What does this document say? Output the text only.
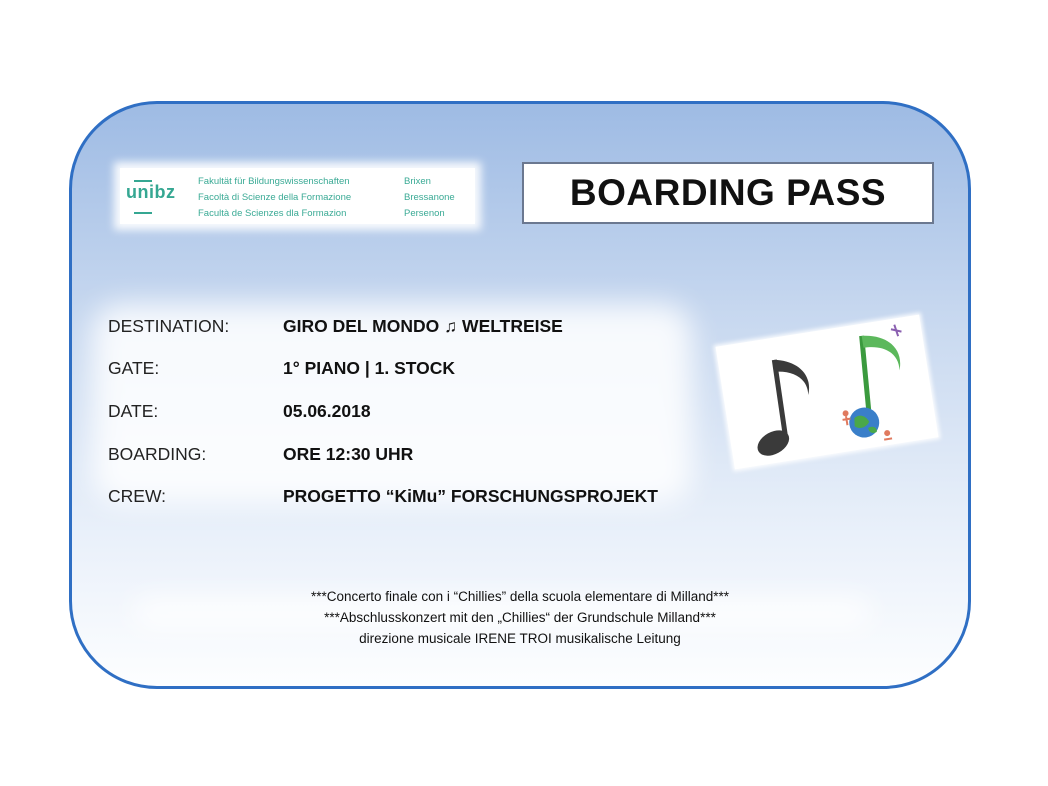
unibz
Fakultät für Bildungswissenschaften
Facoltà di Scienze della Formazione
Facultà de Scienzes dla Formazion
Brixen
Bressanone
Persenon
BOARDING PASS
DESTINATION:	GIRO DEL MONDO ♫ WELTREISE
GATE:	1° PIANO | 1. STOCK
DATE:	05.06.2018
BOARDING:	ORE 12:30 UHR
CREW:	PROGETTO “KiMu” FORSCHUNGSPROJEKT
***Concerto finale con i “Chillies” della scuola elementare di Milland***
***Abschlusskonzert mit den „Chillies“ der Grundschule Milland***
direzione musicale IRENE TROI musikalische Leitung
